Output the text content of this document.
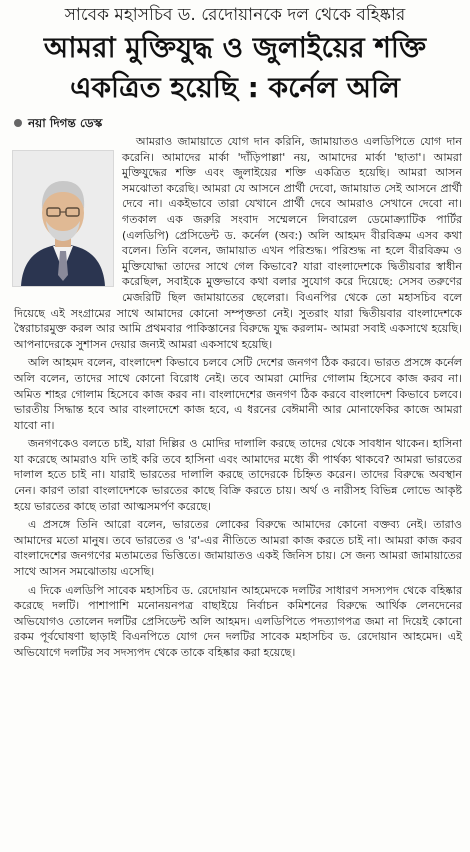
সাবেক মহাসচিব ড. রেদোয়ানকে দল থেকে বহিষ্কার
আমরা মুক্তিযুদ্ধ ও জুলাইয়ের শক্তি
একত্রিত হয়েছি : কর্নেল অলি
নয়া দিগন্ত ডেস্ক

আমরাও জামায়াতে যোগ দান করিনি, জামায়াতও এলডিপিতে যোগ দান করেনি। আমাদের মার্কা 'দাঁড়িপাল্লা' নয়, আমাদের মার্কা 'ছাতা'। আমরা মুক্তিযুদ্ধের শক্তি এবং জুলাইয়ের শক্তি একত্রিত হয়েছি। আমরা আসন সমঝোতা করেছি। আমরা যে আসনে প্রার্থী দেবো, জামায়াত সেই আসনে প্রার্থী দেবে না। একইভাবে তারা যেখানে প্রার্থী দেবে আমরাও সেখানে দেবো না। গতকাল এক জরুরি সংবাদ সম্মেলনে লিবারেল ডেমোক্র্যাটিক পার্টির (এলডিপি) প্রেসিডেন্ট ড. কর্নেল (অব:) অলি আহমদ বীরবিক্রম এসব কথা বলেন। তিনি বলেন, জামায়াত এখন পরিশুদ্ধ। পরিশুদ্ধ না হলে বীরবিক্রম ও মুক্তিযোদ্ধা তাদের সাথে গেল কিভাবে? যারা বাংলাদেশকে দ্বিতীয়বার স্বাধীন করেছিল, সবাইকে মুক্তভাবে কথা বলার সুযোগ করে দিয়েছে: সেসব তরুণের মেজরিটি ছিল জামায়াতের ছেলেরা। বিএনপির থেকে তো মহাসচিব বলে দিয়েছে এই সংগ্রামের সাথে আমাদের কোনো সম্পৃক্ততা নেই। সুতরাং যারা দ্বিতীয়বার বাংলাদেশকে স্বৈরাচারমুক্ত করল আর আমি প্রথমবার পাকিস্তানের বিরুদ্ধে যুদ্ধ করলাম- আমরা সবাই একসাথে হয়েছি। আপনাদেরকে সুশাসন দেয়ার জন্যই আমরা একসাথে হয়েছি।

অলি আহমদ বলেন, বাংলাদেশ কিভাবে চলবে সেটি দেশের জনগণ ঠিক করবে। ভারত প্রসঙ্গে কর্নেল অলি বলেন, তাদের সাথে কোনো বিরোধ নেই। তবে আমরা মোদির গোলাম হিসেবে কাজ করব না। অমিত শাহর গোলাম হিসেবে কাজ করব না। বাংলাদেশের জনগণ ঠিক করবে বাংলাদেশ কিভাবে চলবে। ভারতীয় সিদ্ধান্ত হবে আর বাংলাদেশে কাজ হবে, এ ধরনের বেঈমানী আর মোনাফেকির কাজে আমরা যাবো না।

জনগণকেও বলতে চাই, যারা দিল্লির ও মোদির দালালি করছে তাদের থেকে সাবধান থাকেন। হাসিনা যা করেছে আমরাও যদি তাই করি তবে হাসিনা এবং আমাদের মধ্যে কী পার্থক্য থাকবে? আমরা ভারতের দালাল হতে চাই না। যারাই ভারতের দালালি করছে তাদেরকে চিহ্নিত করেন। তাদের বিরুদ্ধে অবস্থান নেন। কারণ তারা বাংলাদেশকে ভারতের কাছে বিক্রি করতে চায়। অর্থ ও নারীসহ বিভিন্ন লোভে আকৃষ্ট হয়ে ভারতের কাছে তারা আত্মসমর্পণ করেছে।

এ প্রসঙ্গে তিনি আরো বলেন, ভারতের লোকের বিরুদ্ধে আমাদের কোনো বক্তব্য নেই। তারাও আমাদের মতো মানুষ। তবে ভারতের ও 'র'-এর নীতিতে আমরা কাজ করতে চাই না। আমরা কাজ করব বাংলাদেশের জনগণের মতামতের ভিত্তিতে। জামায়াতও একই জিনিস চায়। সে জন্য আমরা জামায়াতের সাথে আসন সমঝোতায় এসেছি।

এ দিকে এলডিপি সাবেক মহাসচিব ড. রেদোয়ান আহমেদকে দলটির সাধারণ সদস্যপদ থেকে বহিষ্কার করেছে দলটি। পাশাপাশি মনোনয়নপত্র বাছাইয়ে নির্বাচন কমিশনের বিরুদ্ধে আর্থিক লেনদেনের অভিযোগও তোলেন দলটির প্রেসিডেন্ট অলি আহমদ। এলডিপিতে পদত্যাগপত্র জমা না দিয়েই কোনো রকম পূর্বঘোষণা ছাড়াই বিএনপিতে যোগ দেন দলটির সাবেক মহাসচিব ড. রেদোয়ান আহমেদ। এই অভিযোগে দলটির সব সদস্যপদ থেকে তাকে বহিষ্কার করা হয়েছে।
